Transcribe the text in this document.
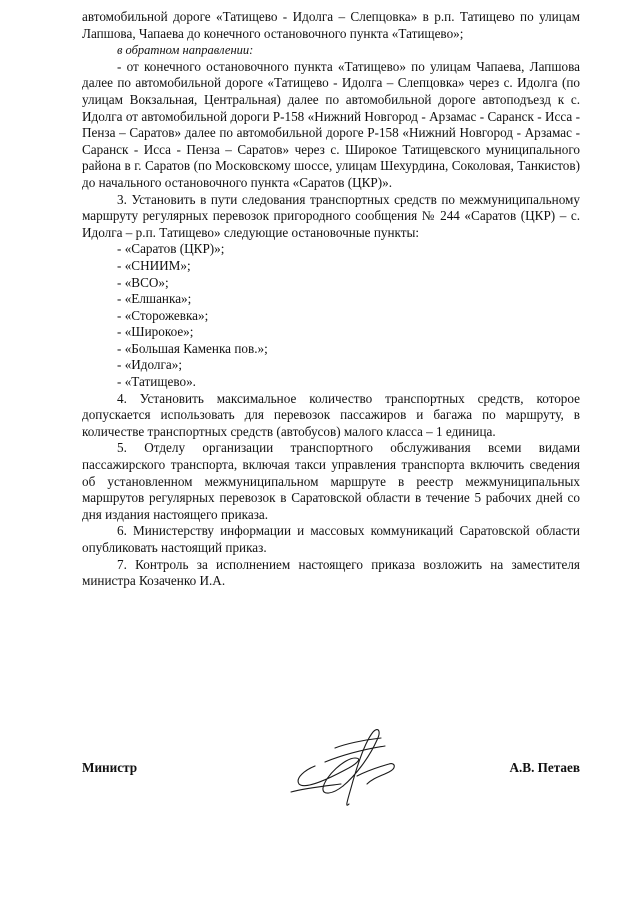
автомобильной дороге «Татищево - Идолга – Слепцовка» в р.п. Татищево по улицам Лапшова, Чапаева до конечного остановочного пункта «Татищево»;

в обратном направлении:

- от конечного остановочного пункта «Татищево» по улицам Чапаева, Лапшова далее по автомобильной дороге «Татищево - Идолга – Слепцовка» через с. Идолга (по улицам Вокзальная, Центральная) далее по автомобильной дороге автоподъезд к с. Идолга от автомобильной дороги Р-158 «Нижний Новгород - Арзамас - Саранск - Исса - Пенза – Саратов» далее по автомобильной дороге Р-158 «Нижний Новгород - Арзамас - Саранск - Исса - Пенза – Саратов» через с. Широкое Татищевского муниципального района в г. Саратов (по Московскому шоссе, улицам Шехурдина, Соколовая, Танкистов) до начального остановочного пункта «Саратов (ЦКР)».

3. Установить в пути следования транспортных средств по межмуниципальному маршруту регулярных перевозок пригородного сообщения № 244 «Саратов (ЦКР) – с. Идолга – р.п. Татищево» следующие остановочные пункты:

- «Саратов (ЦКР)»;

- «СНИИМ»;

- «ВСО»;

- «Елшанка»;

- «Сторожевка»;

- «Широкое»;

- «Большая Каменка пов.»;

- «Идолга»;

- «Татищево».

4. Установить максимальное количество транспортных средств, которое допускается использовать для перевозок пассажиров и багажа по маршруту, в количестве транспортных средств (автобусов) малого класса – 1 единица.

5. Отделу организации транспортного обслуживания всеми видами пассажирского транспорта, включая такси управления транспорта включить сведения об установленном межмуниципальном маршруте в реестр межмуниципальных маршрутов регулярных перевозок в Саратовской области в течение 5 рабочих дней со дня издания настоящего приказа.

6. Министерству информации и массовых коммуникаций Саратовской области опубликовать настоящий приказ.

7. Контроль за исполнением настоящего приказа возложить на заместителя министра Козаченко И.А.

Министр	А.В. Петаев
